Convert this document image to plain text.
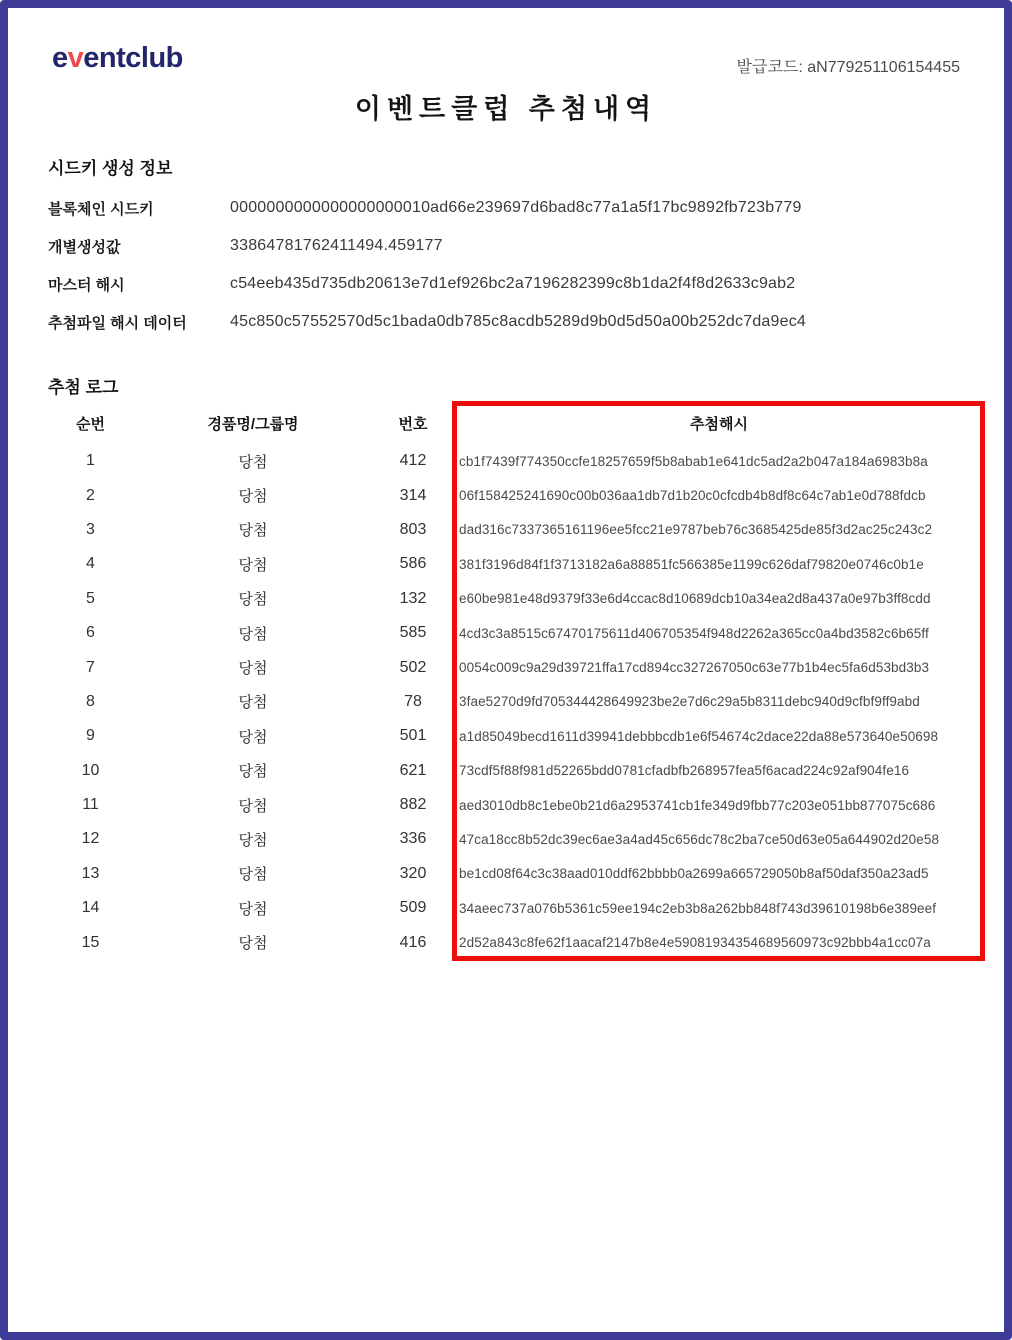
eventclub	발급코드: aN779251106154455
이벤트클럽 추첨내역
시드키 생성 정보
블록체인 시드키	0000000000000000000010ad66e239697d6bad8c77a1a5f17bc9892fb723b779
개별생성값	33864781762411494.459177
마스터 해시	c54eeb435d735db20613e7d1ef926bc2a7196282399c8b1da2f4f8d2633c9ab2
추첨파일 해시 데이터	45c850c57552570d5c1bada0db785c8acdb5289d9b0d5d50a00b252dc7da9ec4
추첨 로그
순번	경품명/그룹명	번호	추첨해시
1	당첨	412	cb1f7439f774350ccfe18257659f5b8abab1e641dc5ad2a2b047a184a6983b8a
2	당첨	314	06f158425241690c00b036aa1db7d1b20c0cfcdb4b8df8c64c7ab1e0d788fdcb
3	당첨	803	dad316c7337365161196ee5fcc21e9787beb76c3685425de85f3d2ac25c243c2
4	당첨	586	381f3196d84f1f3713182a6a88851fc566385e1199c626daf79820e0746c0b1e
5	당첨	132	e60be981e48d9379f33e6d4ccac8d10689dcb10a34ea2d8a437a0e97b3ff8cdd
6	당첨	585	4cd3c3a8515c67470175611d406705354f948d2262a365cc0a4bd3582c6b65ff
7	당첨	502	0054c009c9a29d39721ffa17cd894cc327267050c63e77b1b4ec5fa6d53bd3b3
8	당첨	78	3fae5270d9fd705344428649923be2e7d6c29a5b8311debc940d9cfbf9ff9abd
9	당첨	501	a1d85049becd1611d39941debbbcdb1e6f54674c2dace22da88e573640e50698
10	당첨	621	73cdf5f88f981d52265bdd0781cfadbfb268957fea5f6acad224c92af904fe16
11	당첨	882	aed3010db8c1ebe0b21d6a2953741cb1fe349d9fbb77c203e051bb877075c686
12	당첨	336	47ca18cc8b52dc39ec6ae3a4ad45c656dc78c2ba7ce50d63e05a644902d20e58
13	당첨	320	be1cd08f64c3c38aad010ddf62bbbb0a2699a665729050b8af50daf350a23ad5
14	당첨	509	34aeec737a076b5361c59ee194c2eb3b8a262bb848f743d39610198b6e389eef
15	당첨	416	2d52a843c8fe62f1aacaf2147b8e4e59081934354689560973c92bbb4a1cc07a
